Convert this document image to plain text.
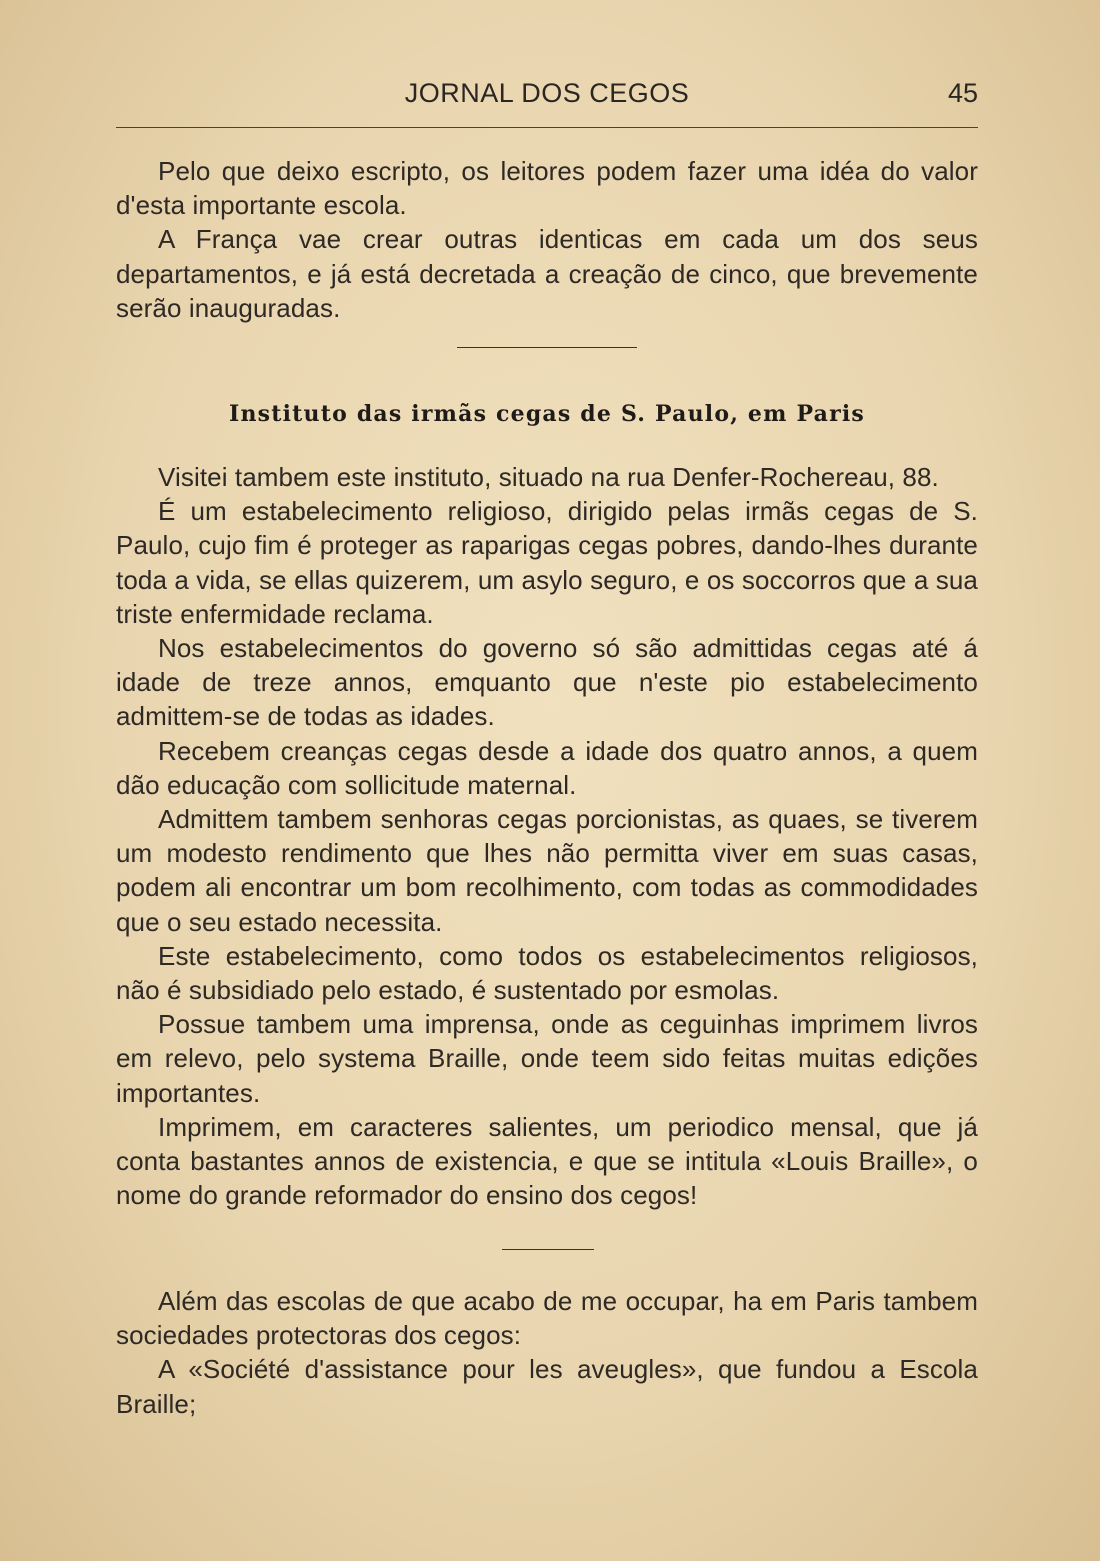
JORNAL DOS CEGOS	45

Pelo que deixo escripto, os leitores podem fazer uma idéa do valor d'esta importante escola.

A França vae crear outras identicas em cada um dos seus departamentos, e já está decretada a creação de cinco, que brevemente serão inauguradas.

Instituto das irmãs cegas de S. Paulo, em Paris

Visitei tambem este instituto, situado na rua Denfer-Rochereau, 88.

É um estabelecimento religioso, dirigido pelas irmãs cegas de S. Paulo, cujo fim é proteger as raparigas cegas pobres, dando-lhes durante toda a vida, se ellas quizerem, um asylo seguro, e os soccorros que a sua triste enfermidade reclama.

Nos estabelecimentos do governo só são admittidas cegas até á idade de treze annos, emquanto que n'este pio estabelecimento admittem-se de todas as idades.

Recebem creanças cegas desde a idade dos quatro annos, a quem dão educação com sollicitude maternal.

Admittem tambem senhoras cegas porcionistas, as quaes, se tiverem um modesto rendimento que lhes não permitta viver em suas casas, podem ali encontrar um bom recolhimento, com todas as commodidades que o seu estado necessita.

Este estabelecimento, como todos os estabelecimentos religiosos, não é subsidiado pelo estado, é sustentado por esmolas.

Possue tambem uma imprensa, onde as ceguinhas imprimem livros em relevo, pelo systema Braille, onde teem sido feitas muitas edições importantes.

Imprimem, em caracteres salientes, um periodico mensal, que já conta bastantes annos de existencia, e que se intitula «Louis Braille», o nome do grande reformador do ensino dos cegos!

Além das escolas de que acabo de me occupar, ha em Paris tambem sociedades protectoras dos cegos:

A «Société d'assistance pour les aveugles», que fundou a Escola Braille;
